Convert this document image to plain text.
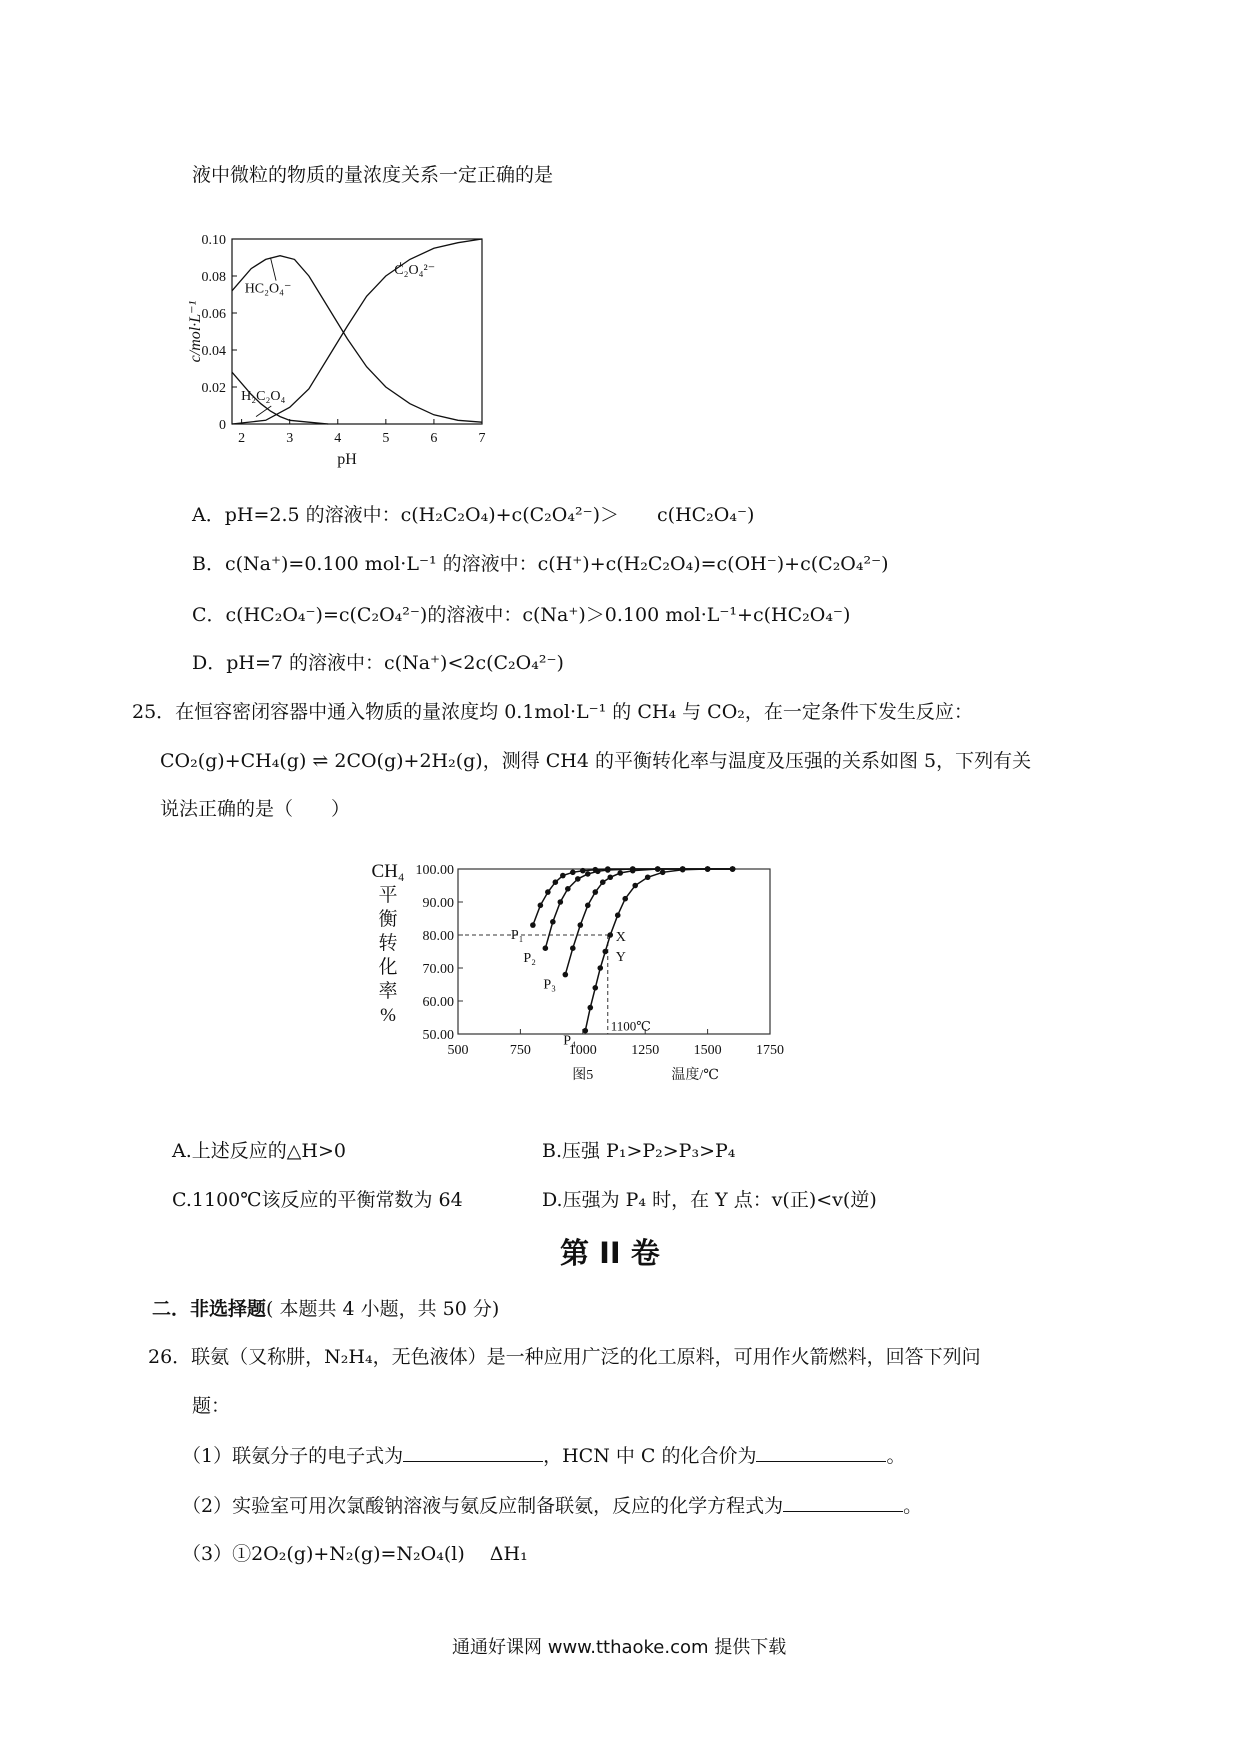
液中微粒的物质的量浓度关系一定正确的是
0
0.02
0.04
0.06
0.08
0.10
2	3	4	5	6	7
pH
c/mol·L⁻¹
H₂C₂O₄
HC₂O₄⁻
C₂O₄²⁻
A．pH=2.5 的溶液中：c(H₂C₂O₄)+c(C₂O₄²⁻)＞　　c(HC₂O₄⁻)
B．c(Na⁺)=0.100 mol·L⁻¹ 的溶液中：c(H⁺)+c(H₂C₂O₄)=c(OH⁻)+c(C₂O₄²⁻)
C．c(HC₂O₄⁻)=c(C₂O₄²⁻)的溶液中：c(Na⁺)＞0.100 mol·L⁻¹+c(HC₂O₄⁻)
D．pH=7 的溶液中：c(Na⁺)<2c(C₂O₄²⁻)
25．在恒容密闭容器中通入物质的量浓度均 0.1mol·L⁻¹ 的 CH₄ 与 CO₂，在一定条件下发生反应：
CO₂(g)+CH₄(g) ⇌ 2CO(g)+2H₂(g)，测得 CH4 的平衡转化率与温度及压强的关系如图 5，下列有关
说法正确的是（　　）
50.00
60.00
70.00
80.00
90.00
100.00
500	750	1000 1250 1500 1750
图5	温度/℃
CH₄ 平衡转化率%
P₁
P₂
P₃
P₄
X
Y
1100℃
A.上述反应的△H>0	B.压强 P₁>P₂>P₃>P₄
C.1100℃该反应的平衡常数为 64	D.压强为 P₄ 时，在 Y 点：v(正)<v(逆)
第 II 卷
二．非选择题( 本题共 4 小题，共 50 分)
26．联氨（又称肼，N₂H₄，无色液体）是一种应用广泛的化工原料，可用作火箭燃料，回答下列问
题：
（1）联氨分子的电子式为	，HCN 中 C 的化合价为	。
（2）实验室可用次氯酸钠溶液与氨反应制备联氨，反应的化学方程式为	。
（3）①2O₂(g)+N₂(g)=N₂O₄(l)　 ΔH₁
通通好课网 www.tthaoke.com 提供下载
